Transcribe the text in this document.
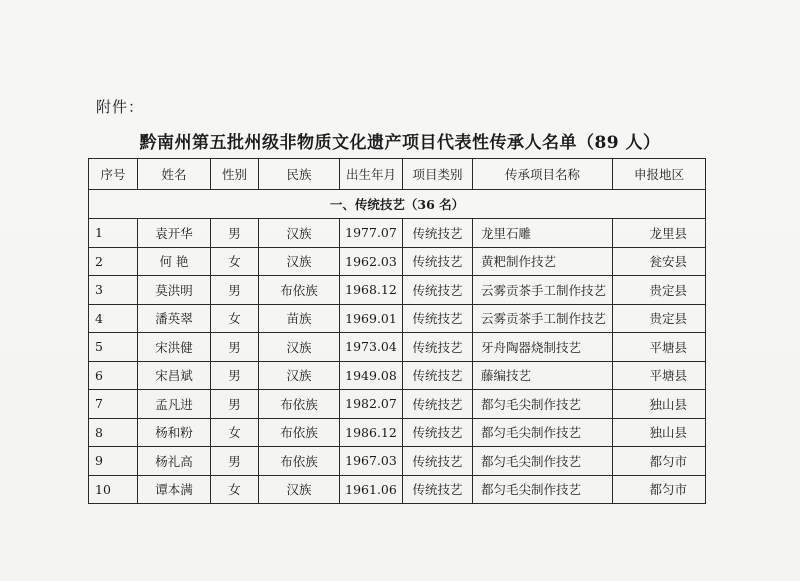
附件：
黔南州第五批州级非物质文化遗产项目代表性传承人名单（89 人）
序号	姓名	性别	民族	出生年月	项目类别	传承项目名称	申报地区
一、传统技艺（36 名）							
1	袁开华	男	汉族	1977.07	传统技艺	龙里石雕	龙里县
2	何 艳	女	汉族	1962.03	传统技艺	黄粑制作技艺	瓮安县
3	莫洪明	男	布依族	1968.12	传统技艺	云雾贡茶手工制作技艺	贵定县
4	潘英翠	女	苗族	1969.01	传统技艺	云雾贡茶手工制作技艺	贵定县
5	宋洪健	男	汉族	1973.04	传统技艺	牙舟陶器烧制技艺	平塘县
6	宋昌斌	男	汉族	1949.08	传统技艺	藤编技艺	平塘县
7	孟凡进	男	布依族	1982.07	传统技艺	都匀毛尖制作技艺	独山县
8	杨和粉	女	布依族	1986.12	传统技艺	都匀毛尖制作技艺	独山县
9	杨礼高	男	布依族	1967.03	传统技艺	都匀毛尖制作技艺	都匀市
10	谭本满	女	汉族	1961.06	传统技艺	都匀毛尖制作技艺	都匀市
